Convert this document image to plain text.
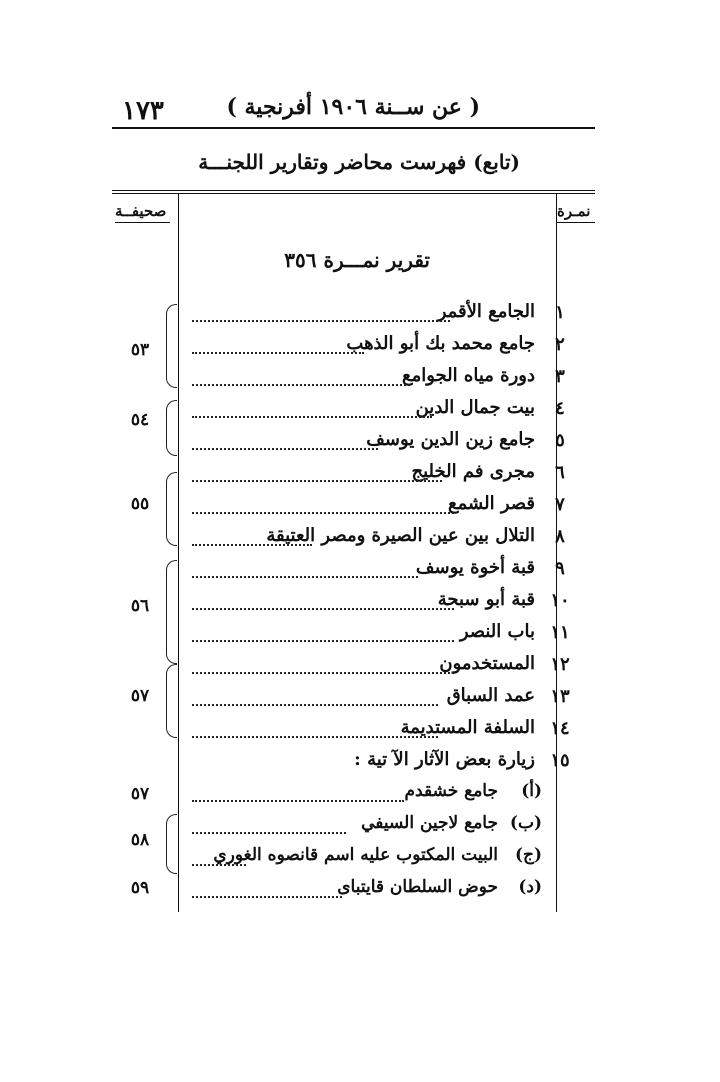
١٧٣	( عن ســنة ١٩٠٦ أفرنجية )
(تابع) فهرست محاضر وتقارير اللجنـــة
صحيفــة	نمـرة
تقرير نمـــرة ٣٥٦
١
الجامع الأقمر
٢
جامع محمد بك أبو الذهب
٣
دورة مياه الجوامع
٤
بيت جمال الدين
٥
جامع زين الدين يوسف
٦
مجرى فم الخليج
٧
قصر الشمع
٨
التلال بين عين الصيرة ومصر العتيقة
٩
قبة أخوة يوسف
١٠
قبة أبو سبحة
١١
باب النصر
١٢
المستخدمون
١٣
عمد السباق
١٤
السلفة المستديمة
١٥
زيارة بعض الآثار الآ تية :
(أ)
جامع خشقدم
(ب)
جامع لاجين السيفي
(ج)
البيت المكتوب عليه اسم قانصوه الغوري
(د)
حوض السلطان قايتباى
٥٣
٥٤
٥٥
٥٦
٥٧
٥٧
٥٨
٥٩
